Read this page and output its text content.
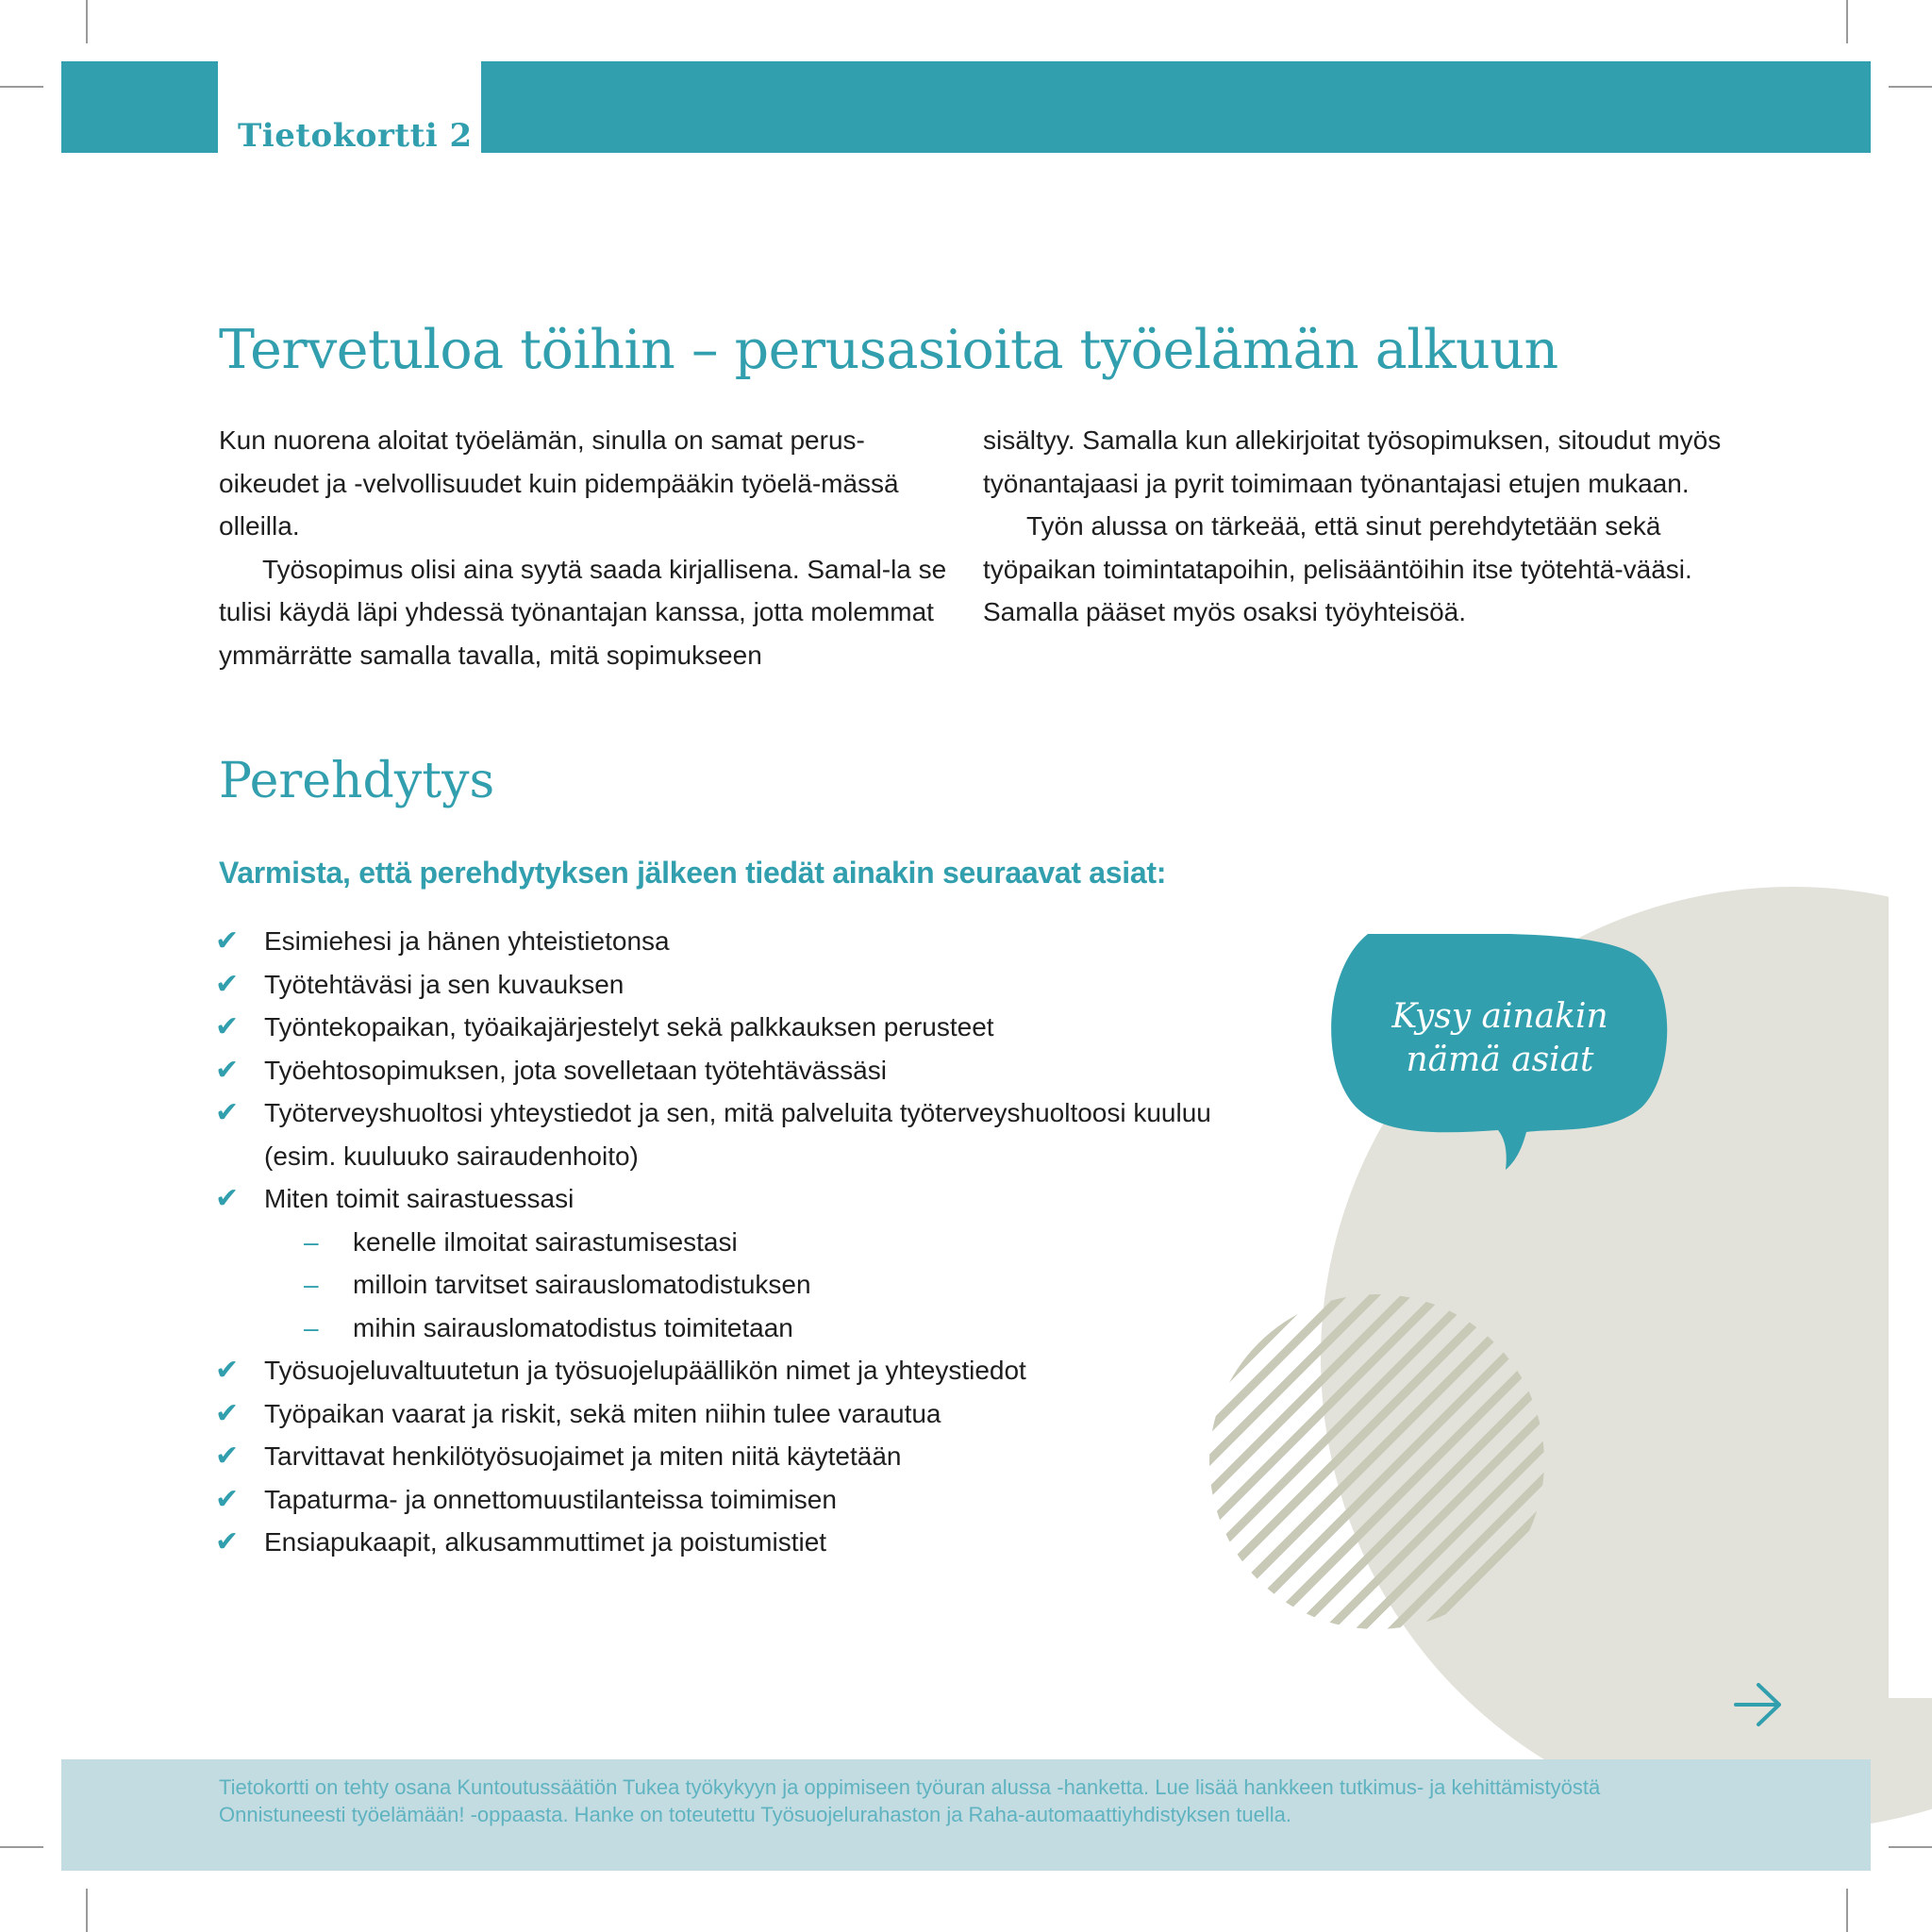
Tietokortti 2
Kysy ainakin
nämä asiat
Tervetuloa töihin – perusasioita työelämän alkuun

Kun nuorena aloitat työelämän, sinulla on samat perus-oikeudet ja -velvollisuudet kuin pidempääkin työelä-mässä olleilla.

Työsopimus olisi aina syytä saada kirjallisena. Samal-la se tulisi käydä läpi yhdessä työnantajan kanssa, jotta molemmat ymmärrätte samalla tavalla, mitä sopimukseen

sisältyy. Samalla kun allekirjoitat työsopimuksen, sitoudut myös työnantajaasi ja pyrit toimimaan työnantajasi etujen mukaan.

Työn alussa on tärkeää, että sinut perehdytetään sekä työpaikan toimintatapoihin, pelisääntöihin itse työtehtä-vääsi. Samalla pääset myös osaksi työyhteisöä.

Perehdytys
Varmista, että perehdytyksen jälkeen tiedät ainakin seuraavat asiat:
✔ Esimiehesi ja hänen yhteistietonsa
✔ Työtehtäväsi ja sen kuvauksen
✔ Työntekopaikan, työaikajärjestelyt sekä palkkauksen perusteet
✔ Työehtosopimuksen, jota sovelletaan työtehtävässäsi
✔ Työterveyshuoltosi yhteystiedot ja sen, mitä palveluita työterveyshuoltoosi kuuluu (esim. kuuluuko sairaudenhoito)
✔ Miten toimit sairastuessasi
– kenelle ilmoitat sairastumisestasi
– milloin tarvitset sairauslomatodistuksen
– mihin sairauslomatodistus toimitetaan
✔ Työsuojeluvaltuutetun ja työsuojelupäällikön nimet ja yhteystiedot
✔ Työpaikan vaarat ja riskit, sekä miten niihin tulee varautua
✔ Tarvittavat henkilötyösuojaimet ja miten niitä käytetään
✔ Tapaturma- ja onnettomuustilanteissa toimimisen
✔ Ensiapukaapit, alkusammuttimet ja poistumistiet
Tietokortti on tehty osana Kuntoutussäätiön Tukea työkykyyn ja oppimiseen työuran alussa -hanketta. Lue lisää hankkeen tutkimus- ja kehittämistyöstä
Onnistuneesti työelämään! -oppaasta. Hanke on toteutettu Työsuojelurahaston ja Raha-automaattiyhdistyksen tuella.
